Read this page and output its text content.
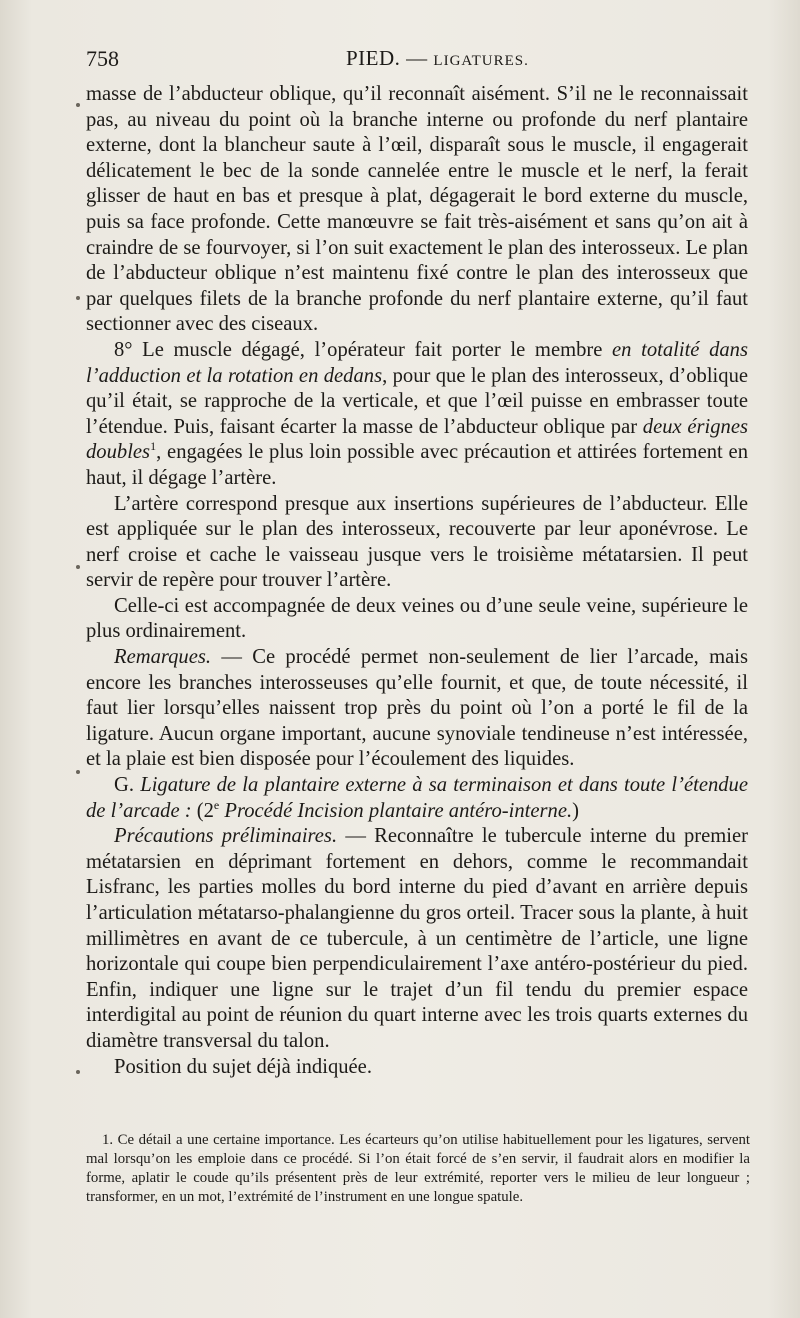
758	PIED. — LIGATURES.

masse de l’abducteur oblique, qu’il reconnaît aisément. S’il ne le reconnaissait pas, au niveau du point où la branche interne ou profonde du nerf plantaire externe, dont la blancheur saute à l’œil, disparaît sous le muscle, il engagerait délicatement le bec de la sonde cannelée entre le muscle et le nerf, la ferait glisser de haut en bas et presque à plat, dégagerait le bord externe du muscle, puis sa face profonde. Cette manœuvre se fait très-aisément et sans qu’on ait à craindre de se fourvoyer, si l’on suit exactement le plan des interosseux. Le plan de l’abducteur oblique n’est maintenu fixé contre le plan des interosseux que par quelques filets de la branche profonde du nerf plantaire externe, qu’il faut sectionner avec des ciseaux.

8° Le muscle dégagé, l’opérateur fait porter le membre en totalité dans l’adduction et la rotation en dedans, pour que le plan des interosseux, d’oblique qu’il était, se rapproche de la verticale, et que l’œil puisse en embrasser toute l’étendue. Puis, faisant écarter la masse de l’abducteur oblique par deux érignes doubles$^1$, engagées le plus loin possible avec précaution et attirées fortement en haut, il dégage l’artère.

L’artère correspond presque aux insertions supérieures de l’abducteur. Elle est appliquée sur le plan des interosseux, recouverte par leur aponévrose. Le nerf croise et cache le vaisseau jusque vers le troisième métatarsien. Il peut servir de repère pour trouver l’artère.

Celle-ci est accompagnée de deux veines ou d’une seule veine, supérieure le plus ordinairement.

Remarques. — Ce procédé permet non-seulement de lier l’arcade, mais encore les branches interosseuses qu’elle fournit, et que, de toute nécessité, il faut lier lorsqu’elles naissent trop près du point où l’on a porté le fil de la ligature. Aucun organe important, aucune synoviale tendineuse n’est intéressée, et la plaie est bien disposée pour l’écoulement des liquides.

G. Ligature de la plantaire externe à sa terminaison et dans toute l’étendue de l’arcade : (2e Procédé Incision plantaire antéro-interne.)

Précautions préliminaires. — Reconnaître le tubercule interne du premier métatarsien en déprimant fortement en dehors, comme le recommandait Lisfranc, les parties molles du bord interne du pied d’avant en arrière depuis l’articulation métatarso-phalangienne du gros orteil. Tracer sous la plante, à huit millimètres en avant de ce tubercule, à un centimètre de l’article, une ligne horizontale qui coupe bien perpendiculairement l’axe antéro-postérieur du pied. Enfin, indiquer une ligne sur le trajet d’un fil tendu du premier espace interdigital au point de réunion du quart interne avec les trois quarts externes du diamètre transversal du talon.

Position du sujet déjà indiquée.

1. Ce détail a une certaine importance. Les écarteurs qu’on utilise habituellement pour les ligatures, servent mal lorsqu’on les emploie dans ce procédé. Si l’on était forcé de s’en servir, il faudrait alors en modifier la forme, aplatir le coude qu’ils présentent près de leur extrémité, reporter vers le milieu de leur longueur ; transformer, en un mot, l’extrémité de l’instrument en une longue spatule.
